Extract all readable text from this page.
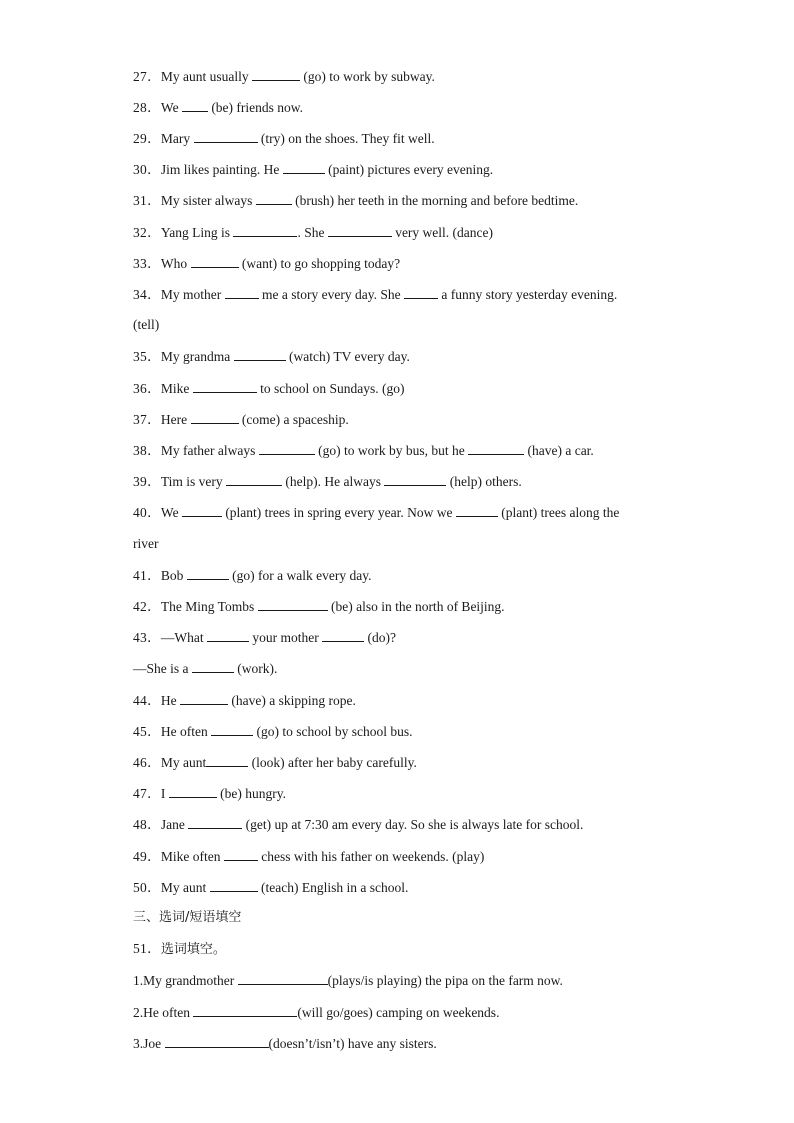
27．My aunt usually	(go) to work by subway.
28．We  (be) friends now.
29．Mary	(try) on the shoes. They fit well.
30．Jim likes painting. He	(paint) pictures every evening.
31．My sister always	(brush) her teeth in the morning and before bedtime.
32．Yang Ling is	. She	very well. (dance)
33．Who	(want) to go shopping today?
34．My mother	me a story every day. She	a funny story yesterday evening.
(tell)
35．My grandma	(watch) TV every day.
36．Mike	to school on Sundays. (go)
37．Here	(come) a spaceship.
38．My father always	(go) to work by bus, but he	(have) a car.
39．Tim is very	(help). He always	(help) others.
40．We	(plant) trees in spring every year. Now we	(plant) trees along the
river
41．Bob	(go) for a walk every day.
42．The Ming Tombs	(be) also in the north of Beijing.
43．—What	your mother	(do)?
—She is a	(work).
44．He	(have) a skipping rope.
45．He often	(go) to school by school bus.
46．My aunt	(look) after her baby carefully.
47．I	(be) hungry.
48．Jane	(get) up at 7:30 am every day. So she is always late for school.
49．Mike often	chess with his father on weekends. (play)
50．My aunt	(teach) English in a school.
三、选词/短语填空
51．选词填空。
1.My grandmother	(plays/is playing) the pipa on the farm now.
2.He often	(will go/goes) camping on weekends.
3.Joe	(doesn’t/isn’t) have any sisters.
